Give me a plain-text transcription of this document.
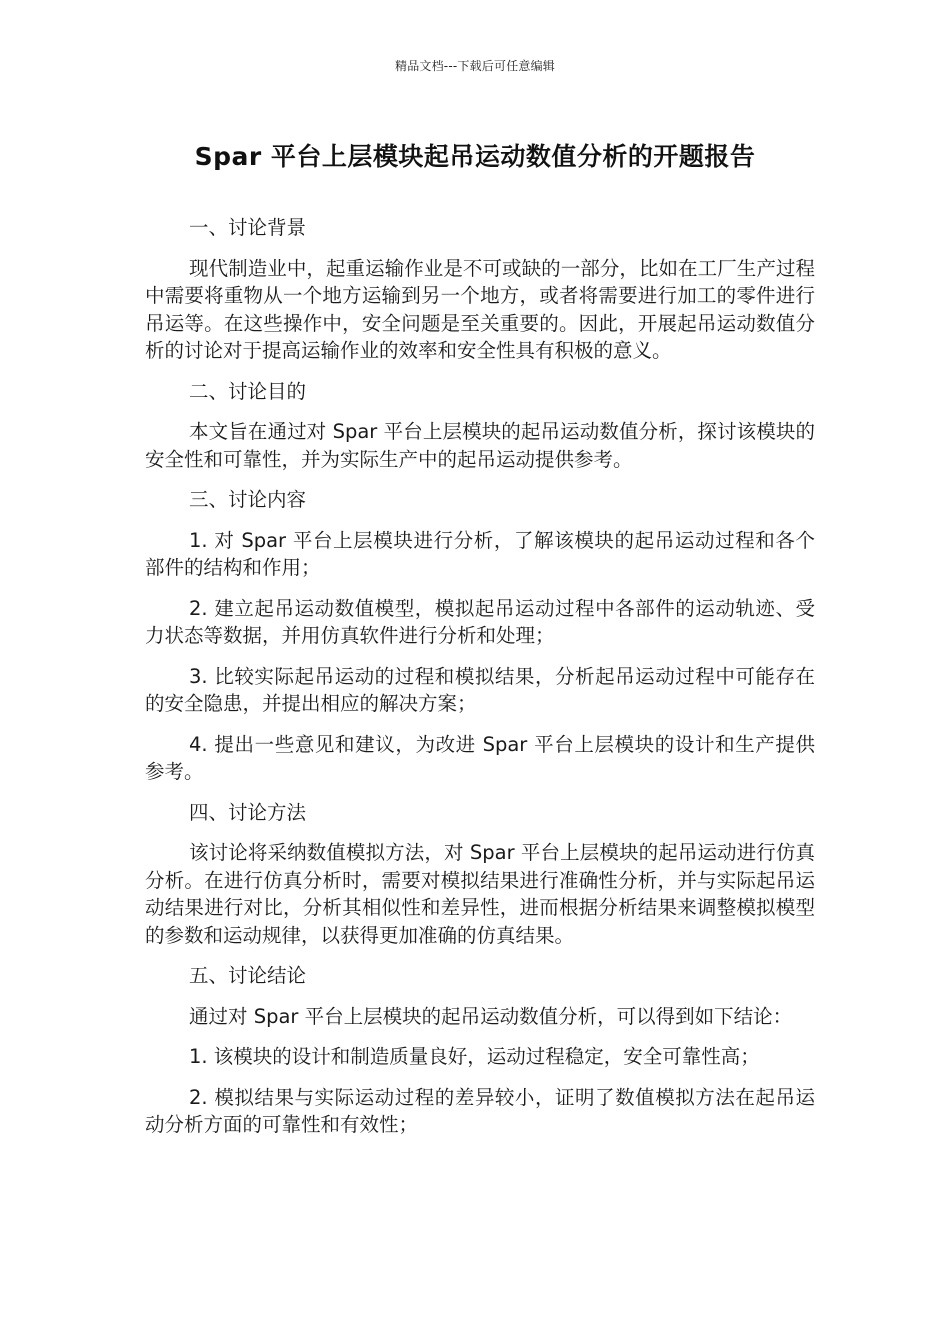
精品文档---下载后可任意编辑
Spar 平台上层模块起吊运动数值分析的开题报告
一、讨论背景

现代制造业中，起重运输作业是不可或缺的一部分，比如在工厂生产过程中需要将重物从一个地方运输到另一个地方，或者将需要进行加工的零件进行吊运等。在这些操作中，安全问题是至关重要的。因此，开展起吊运动数值分析的讨论对于提高运输作业的效率和安全性具有积极的意义。

二、讨论目的

本文旨在通过对 Spar 平台上层模块的起吊运动数值分析，探讨该模块的安全性和可靠性，并为实际生产中的起吊运动提供参考。

三、讨论内容

1. 对 Spar 平台上层模块进行分析，了解该模块的起吊运动过程和各个部件的结构和作用；

2. 建立起吊运动数值模型，模拟起吊运动过程中各部件的运动轨迹、受力状态等数据，并用仿真软件进行分析和处理；

3. 比较实际起吊运动的过程和模拟结果，分析起吊运动过程中可能存在的安全隐患，并提出相应的解决方案；

4. 提出一些意见和建议，为改进 Spar 平台上层模块的设计和生产提供参考。

四、讨论方法

该讨论将采纳数值模拟方法，对 Spar 平台上层模块的起吊运动进行仿真分析。在进行仿真分析时，需要对模拟结果进行准确性分析，并与实际起吊运动结果进行对比，分析其相似性和差异性，进而根据分析结果来调整模拟模型的参数和运动规律，以获得更加准确的仿真结果。

五、讨论结论

通过对 Spar 平台上层模块的起吊运动数值分析，可以得到如下结论：

1. 该模块的设计和制造质量良好，运动过程稳定，安全可靠性高；

2. 模拟结果与实际运动过程的差异较小，证明了数值模拟方法在起吊运动分析方面的可靠性和有效性；
